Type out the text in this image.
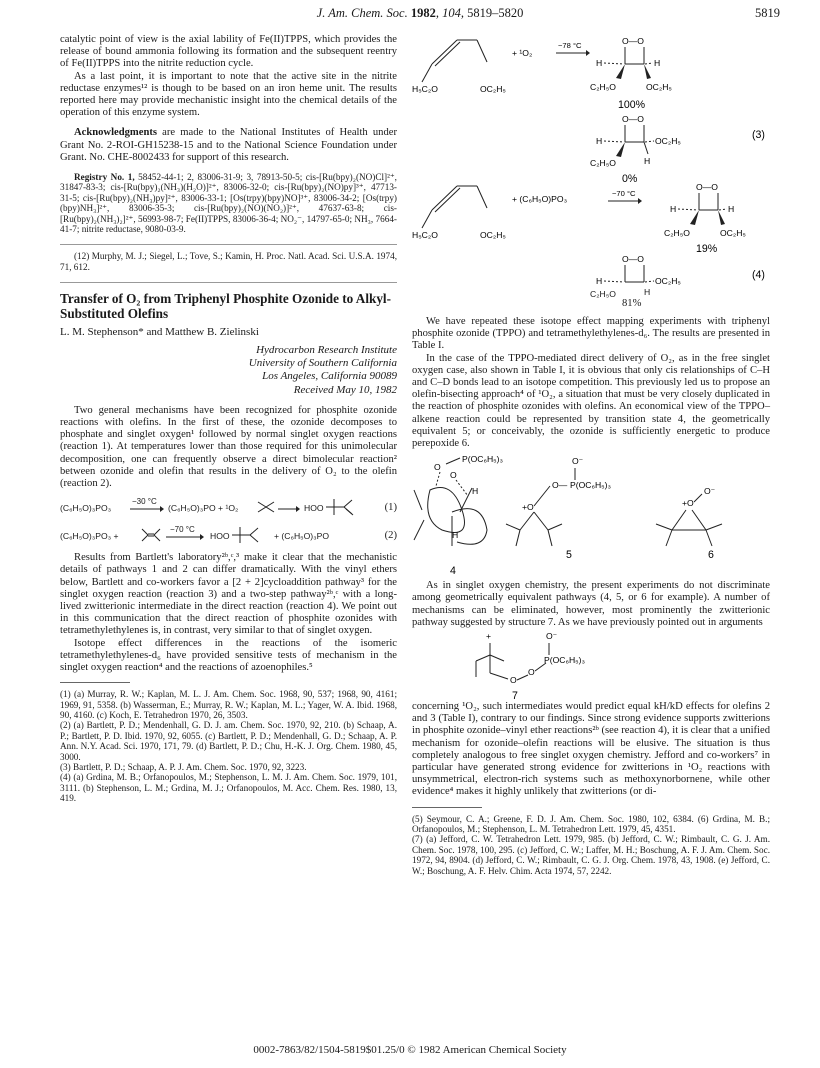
J. Am. Chem. Soc. 1982, 104, 5819–5820	5819

catalytic point of view is the axial lability of Fe(II)TPPS, which provides the release of bound ammonia following its formation and the subsequent reentry of Fe(II)TPPS into the nitrite reduction cycle.

As a last point, it is important to note that the active site in the nitrite reductase enzymes¹² is though to be based on an iron heme unit. The results reported here may provide mechanistic insight into the chemical details of the operation of this enzyme system.

Acknowledgments are made to the National Institutes of Health under Grant No. 2-ROI-GH15238-15 and to the National Science Foundation under Grant. No. CHE-8002433 for support of this research.

Registry No. 1, 58452-44-1; 2, 83006-31-9; 3, 78913-50-5; cis-[Ru(bpy)₂(NO)Cl]²⁺, 31847-83-3; cis-[Ru(bpy)₂(NH₃)(H₂O)]²⁺, 83006-32-0; cis-[Ru(bpy)₂(NO)py]³⁺, 47713-31-5; cis-[Ru(bpy)₂(NH₃)py]²⁺, 83006-33-1; [Os(trpy)(bpy)NO]³⁺, 83006-34-2; [Os(trpy)(bpy)NH₃]²⁺, 83006-35-3; cis-[Ru(bpy)₂(NO)(NO₂)]²⁺, 47637-63-8; cis-[Ru(bpy)₂(NH₃)₂]²⁺, 56993-98-7; Fe(II)TPPS, 83006-36-4; NO₂⁻, 14797-65-0; NH₃, 7664-41-7; nitrite reductase, 9080-03-9.

(12) Murphy, M. J.; Siegel, L.; Tove, S.; Kamin, H. Proc. Natl. Acad. Sci. U.S.A. 1974, 71, 612.

Transfer of O₂ from Triphenyl Phosphite Ozonide to Alkyl-Substituted Olefins

L. M. Stephenson* and Matthew B. Zielinski

Hydrocarbon Research Institute

University of Southern California

Los Angeles, California 90089

Received May 10, 1982

Two general mechanisms have been recognized for phosphite ozonide reactions with olefins. In the first of these, the ozonide decomposes to phosphate and singlet oxygen¹ followed by normal singlet oxygen reactions (reaction 1). At temperatures lower than those required for this unimolecular decomposition, one can frequently observe a direct bimolecular reaction² between ozonide and olefin that results in the delivery of O₂ to the olefin (reaction 2).

(C₆H₅O)₃PO₃
−30 °C
(C₆H₅O)₃PO + ¹O₂	HOO	(1)
(C₆H₅O)₃PO₃ +
−70 °C
HOO	+ (C₆H₅O)₃PO	(2)

Results from Bartlett's laboratory²ᵇ,ᶜ,³ make it clear that the mechanistic details of pathways 1 and 2 can differ dramatically. With the vinyl ethers below, Bartlett and co-workers favor a [2 + 2]cycloaddition pathway³ for the singlet oxygen reaction (reaction 3) and a two-step pathway²ᵇ,ᶜ with a long-lived zwitterionic intermediate in the direct reaction (reaction 4). We point out in this communication that the direct reaction of phosphite ozonides with tetramethylethylenes is, in contrast, very similar to that of singlet oxygen.

Isotope effect differences in the reactions of the isomeric tetramethylethylenes-d₆ have provided sensitive tests of mechanism in the singlet oxygen reaction⁴ and the reactions of azoenophiles.⁵

(1) (a) Murray, R. W.; Kaplan, M. L. J. Am. Chem. Soc. 1968, 90, 537; 1968, 90, 4161; 1969, 91, 5358. (b) Wasserman, E.; Murray, R. W.; Kaplan, M. L.; Yager, W. A. Ibid. 1968, 90, 4160. (c) Koch, E. Tetrahedron 1970, 26, 3503.

(2) (a) Bartlett, P. D.; Mendenhall, G. D. J. am. Chem. Soc. 1970, 92, 210. (b) Schaap, A. P.; Bartlett, P. D. Ibid. 1970, 92, 6055. (c) Bartlett, P. D.; Mendenhall, G. D.; Schaap, A. P. Ann. N.Y. Acad. Sci. 1970, 171, 79. (d) Bartlett, P. D.; Chu, H.-K. J. Org. Chem. 1980, 45, 3000.

(3) Bartlett, P. D.; Schaap, A. P. J. Am. Chem. Soc. 1970, 92, 3223.

(4) (a) Grdina, M. B.; Orfanopoulos, M.; Stephenson, L. M. J. Am. Chem. Soc. 1979, 101, 3111. (b) Stephenson, L. M.; Grdina, M. J.; Orfanopoulos, M. Acc. Chem. Res. 1980, 13, 419.

H₅C₂O	OC₂H₅
+ ¹O₂
−78 °C	O—O
H	H
C₂H₅O	OC₂H₅
100%
O—O
H	OC₂H₅
C₂H₅O	H
0%
(3)
H₅C₂O	OC₂H₅
+ (C₆H₅O)PO₃
−70 °C
O—O
H	H
C₂H₅O	OC₂H₅
19%
O—O
H	OC₂H₅	(4)
C₂H₅O	H
81%

We have repeated these isotope effect mapping experiments with triphenyl phosphite ozonide (TPPO) and tetramethylethylenes-d₆. The results are presented in Table I.

In the case of the TPPO-mediated direct delivery of O₂, as in the free singlet oxygen case, also shown in Table I, it is obvious that only cis relationships of C–H and C–D bonds lead to an isotope competition. This previously led us to propose an olefin-bisecting approach⁴ of ¹O₂, a situation that must be very closely duplicated in the reaction of phosphite ozonides with olefins. An economical view of the TPPO–alkene reaction could be represented by transition state 4, the geometrically equivalent 5; or conceivably, the ozonide is sufficiently energetic to produce perepoxide 6.

P(OC₆H₅)₃
O
O
H
H
4
O⁻
O— P(OC₆H₅)₃
+O
5
+O
O⁻
6

As in singlet oxygen chemistry, the present experiments do not discriminate among geometrically equivalent pathways (4, 5, or 6 for example). A number of mechanisms can be eliminated, however, most prominently the zwitterionic pathway suggested by structure 7. As we have previously pointed out in arguments

+
O
O
O⁻
P(OC₆H₅)₃
7

concerning ¹O₂, such intermediates would predict equal kH/kD effects for olefins 2 and 3 (Table I), contrary to our findings. Since strong evidence supports zwitterions in phosphite ozonide–vinyl ether reactions²ᵇ (see reaction 4), it is clear that a unified mechanism for ozonide–olefin reactions will be elusive. The situation is thus completely analogous to free singlet oxygen chemistry. Jefford and co-workers⁷ in particular have generated strong evidence for zwitterions in ¹O₂ reactions with unsymmetrical, electron-rich systems such as methoxynorbornene, while other evidence⁴ makes it highly unlikely that zwitterions (or di-

(5) Seymour, C. A.; Greene, F. D. J. Am. Chem. Soc. 1980, 102, 6384. (6) Grdina, M. B.; Orfanopoulos, M.; Stephenson, L. M. Tetrahedron Lett. 1979, 45, 4351.

(7) (a) Jefford, C. W. Tetrahedron Lett. 1979, 985. (b) Jefford, C. W.; Rimbault, C. G. J. Am. Chem. Soc. 1978, 100, 295. (c) Jefford, C. W.; Laffer, M. H.; Boschung, A. F. J. Am. Chem. Soc. 1972, 94, 8904. (d) Jefford, C. W.; Rimbault, C. G. J. Org. Chem. 1978, 43, 1908. (e) Jefford, C. W.; Boschung, A. F. Helv. Chim. Acta 1974, 57, 2242.

0002-7863/82/1504-5819$01.25/0 © 1982 American Chemical Society
